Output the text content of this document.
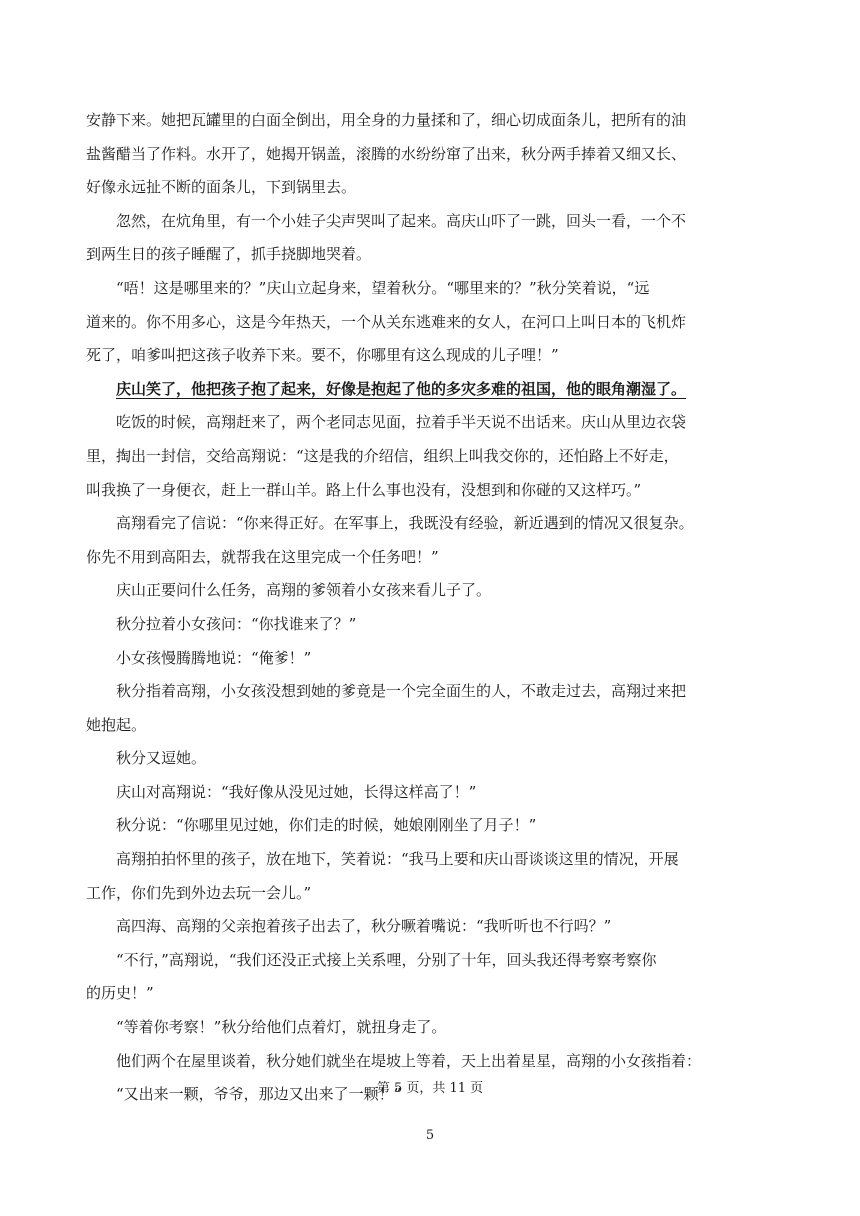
安静下来。她把瓦罐里的白面全倒出，用全身的力量揉和了，细心切成面条儿，把所有的油
盐酱醋当了作料。水开了，她揭开锅盖，滚腾的水纷纷窜了出来，秋分两手捧着又细又长、
好像永远扯不断的面条儿，下到锅里去。
忽然，在炕角里，有一个小娃子尖声哭叫了起来。高庆山吓了一跳，回头一看，一个不
到两生日的孩子睡醒了，抓手挠脚地哭着。
“唔！这是哪里来的？”庆山立起身来，望着秋分。“哪里来的？”秋分笑着说，“远
道来的。你不用多心，这是今年热天，一个从关东逃难来的女人，在河口上叫日本的飞机炸
死了，咱爹叫把这孩子收养下来。要不，你哪里有这么现成的儿子哩！”
庆山笑了，他把孩子抱了起来，好像是抱起了他的多灾多难的祖国，他的眼角潮湿了。
吃饭的时候，高翔赶来了，两个老同志见面，拉着手半天说不出话来。庆山从里边衣袋
里，掏出一封信，交给高翔说：“这是我的介绍信，组织上叫我交你的，还怕路上不好走，
叫我换了一身便衣，赶上一群山羊。路上什么事也没有，没想到和你碰的又这样巧。”
高翔看完了信说：“你来得正好。在军事上，我既没有经验，新近遇到的情况又很复杂。
你先不用到高阳去，就帮我在这里完成一个任务吧！”
庆山正要问什么任务，高翔的爹领着小女孩来看儿子了。
秋分拉着小女孩问：“你找谁来了？”
小女孩慢腾腾地说：“俺爹！”
秋分指着高翔，小女孩没想到她的爹竟是一个完全面生的人，不敢走过去，高翔过来把
她抱起。
秋分又逗她。
庆山对高翔说：“我好像从没见过她，长得这样高了！”
秋分说：“你哪里见过她，你们走的时候，她娘刚刚坐了月子！”
高翔拍拍怀里的孩子，放在地下，笑着说：“我马上要和庆山哥谈谈这里的情况，开展
工作，你们先到外边去玩一会儿。”
高四海、高翔的父亲抱着孩子出去了，秋分噘着嘴说：“我听听也不行吗？”
“不行，”高翔说，“我们还没正式接上关系哩，分别了十年，回头我还得考察考察你
的历史！”
“等着你考察！”秋分给他们点着灯，就扭身走了。
他们两个在屋里谈着，秋分她们就坐在堤坡上等着，天上出着星星，高翔的小女孩指着：
“又出来一颗，爷爷，那边又出来了一颗！”
第 5 页，共 11 页
5
